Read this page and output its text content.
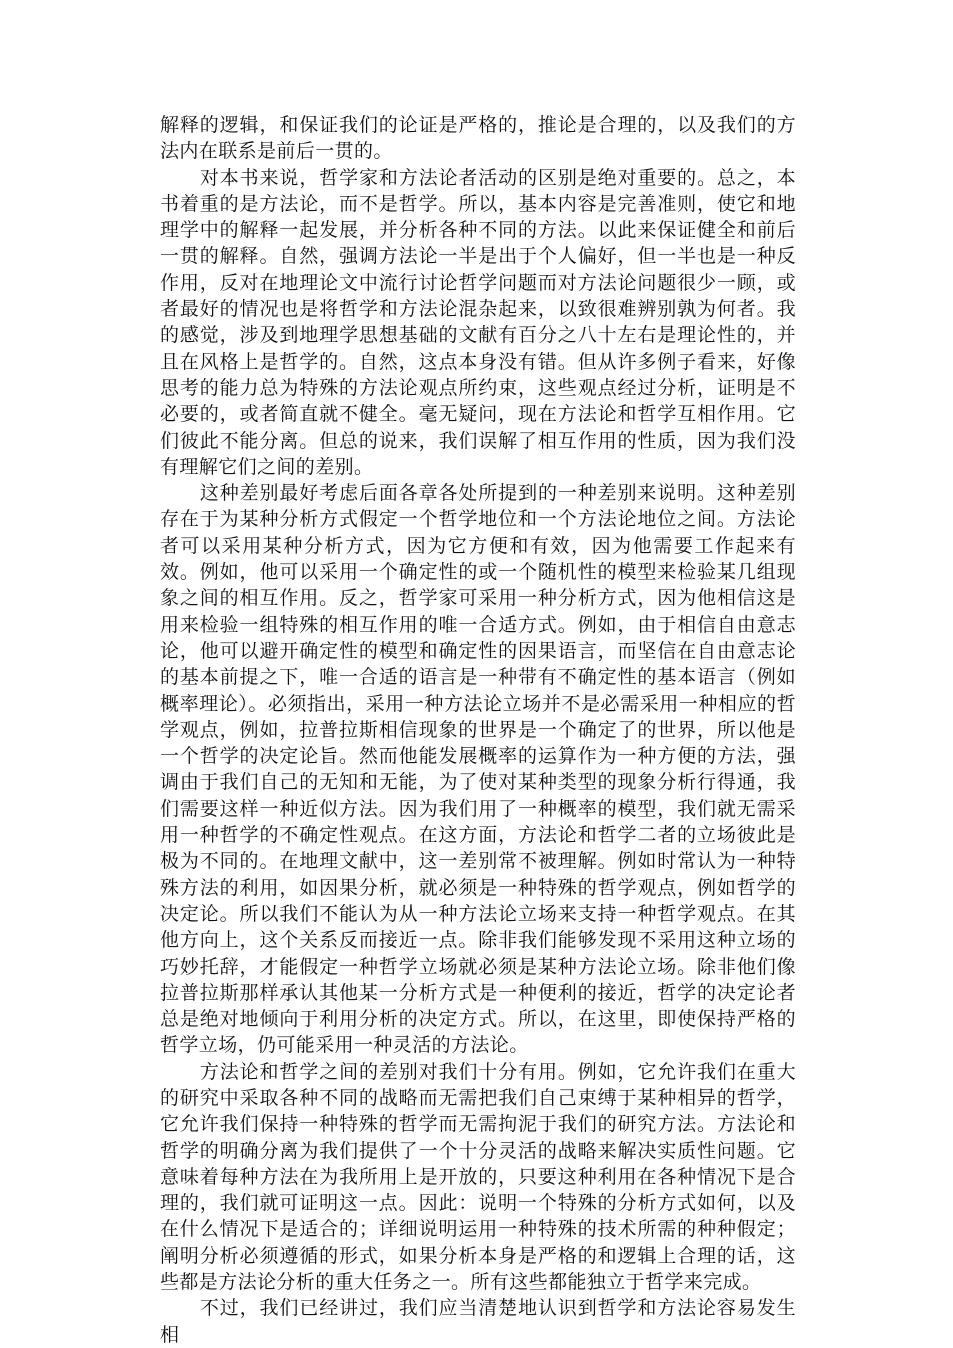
解释的逻辑，和保证我们的论证是严格的，推论是合理的，以及我们的方法内在联系是前后一贯的。

对本书来说，哲学家和方法论者活动的区别是绝对重要的。总之，本书着重的是方法论，而不是哲学。所以，基本内容是完善准则，使它和地理学中的解释一起发展，并分析各种不同的方法。以此来保证健全和前后一贯的解释。自然，强调方法论一半是出于个人偏好，但一半也是一种反作用，反对在地理论文中流行讨论哲学问题而对方法论问题很少一顾，或者最好的情况也是将哲学和方法论混杂起来，以致很难辨别孰为何者。我的感觉，涉及到地理学思想基础的文献有百分之八十左右是理论性的，并且在风格上是哲学的。自然，这点本身没有错。但从许多例子看来，好像思考的能力总为特殊的方法论观点所约束，这些观点经过分析，证明是不必要的，或者简直就不健全。毫无疑问，现在方法论和哲学互相作用。它们彼此不能分离。但总的说来，我们误解了相互作用的性质，因为我们没有理解它们之间的差别。

这种差别最好考虑后面各章各处所提到的一种差别来说明。这种差别存在于为某种分析方式假定一个哲学地位和一个方法论地位之间。方法论者可以采用某种分析方式，因为它方便和有效，因为他需要工作起来有效。例如，他可以采用一个确定性的或一个随机性的模型来检验某几组现象之间的相互作用。反之，哲学家可采用一种分析方式，因为他相信这是用来检验一组特殊的相互作用的唯一合适方式。例如，由于相信自由意志论，他可以避开确定性的模型和确定性的因果语言，而坚信在自由意志论的基本前提之下，唯一合适的语言是一种带有不确定性的基本语言（例如概率理论）。必须指出，采用一种方法论立场并不是必需采用一种相应的哲学观点，例如，拉普拉斯相信现象的世界是一个确定了的世界，所以他是一个哲学的决定论旨。然而他能发展概率的运算作为一种方便的方法，强调由于我们自己的无知和无能，为了使对某种类型的现象分析行得通，我们需要这样一种近似方法。因为我们用了一种概率的模型，我们就无需采用一种哲学的不确定性观点。在这方面，方法论和哲学二者的立场彼此是极为不同的。在地理文献中，这一差别常不被理解。例如时常认为一种特殊方法的利用，如因果分析，就必须是一种特殊的哲学观点，例如哲学的决定论。所以我们不能认为从一种方法论立场来支持一种哲学观点。在其他方向上，这个关系反而接近一点。除非我们能够发现不采用这种立场的巧妙托辞，才能假定一种哲学立场就必须是某种方法论立场。除非他们像拉普拉斯那样承认其他某一分析方式是一种便利的接近，哲学的决定论者总是绝对地倾向于利用分析的决定方式。所以，在这里，即使保持严格的哲学立场，仍可能采用一种灵活的方法论。

方法论和哲学之间的差别对我们十分有用。例如，它允许我们在重大的研究中采取各种不同的战略而无需把我们自己束缚于某种相异的哲学，它允许我们保持一种特殊的哲学而无需拘泥于我们的研究方法。方法论和哲学的明确分离为我们提供了一个十分灵活的战略来解决实质性问题。它意味着每种方法在为我所用上是开放的，只要这种利用在各种情况下是合理的，我们就可证明这一点。因此：说明一个特殊的分析方式如何，以及在什么情况下是适合的；详细说明运用一种特殊的技术所需的种种假定；阐明分析必须遵循的形式，如果分析本身是严格的和逻辑上合理的话，这些都是方法论分析的重大任务之一。所有这些都能独立于哲学来完成。

不过，我们已经讲过，我们应当清楚地认识到哲学和方法论容易发生相
